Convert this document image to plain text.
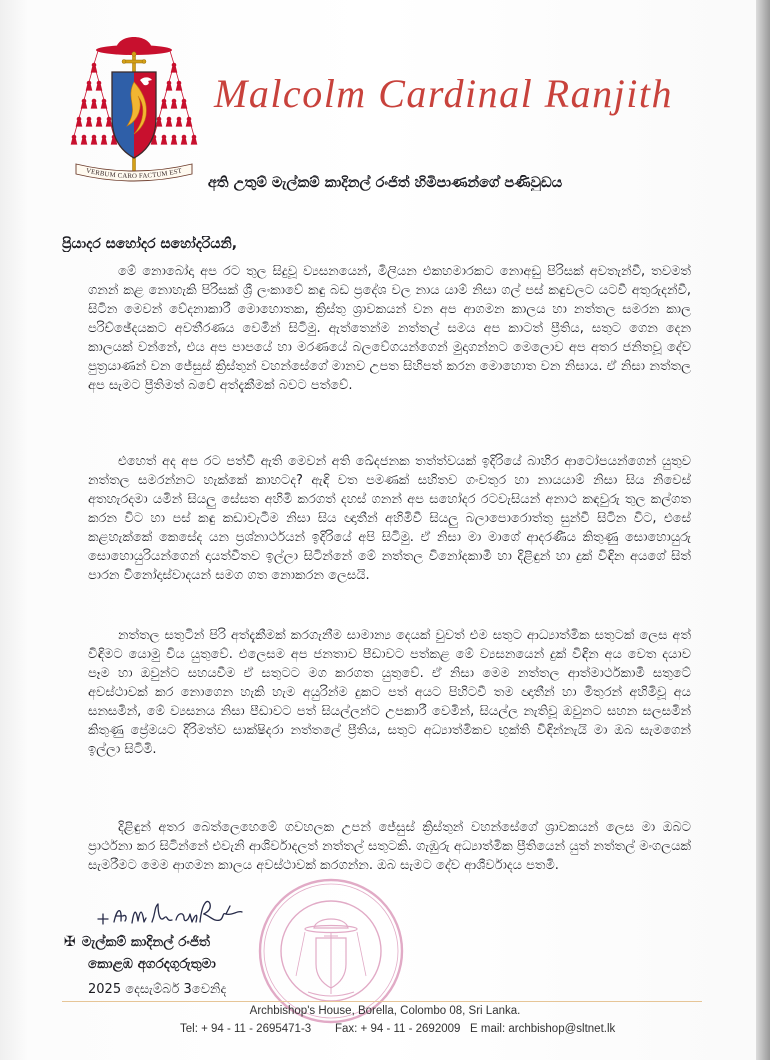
VERBUM CARO FACTUM EST
Malcolm Cardinal Ranjith
අති උතුම් මැල්කම් කාදිනල් රංජිත් හිමිපාණන්ගේ පණිවුඩය
ප්‍රියාදර සහෝදර සහෝදරියනි,
මේ නොබෝදා අප රට තුල සිදුවූ ව්‍යසනයෙන්, මිලියන එකහමාරකට නොඅඩු පිරිසක් අවතැන්වී, තවමත් ගනන් කළ නොහැකි පිරිසක් ශ්‍රී ලංකාවේ කඳු බඩ ප්‍රදේශ වල නාය යාම් නිසා ගල් පස් කඳුවලට යටවී අතුරුදන්වී, සිටින මෙවන් වේදනාකාරී මොහොතක, ක්‍රිස්තු ශ්‍රාවකයන් වන අප ආගමන කාලය හා නත්තල සමරන කාල පරිච්ඡේදයකට අවතීරණය වෙමින් සිටිමු. ඇත්තෙන්ම නත්තල් සමය අප කාටත් ප්‍රීතිය, සතුට ගෙන දෙන කාලයක් වන්නේ, එය අප පාපයේ හා මරණයේ බලවේගයන්ගෙන් මුදාගන්නට මෙලොව අප අතර ජනිතවූ දේව පුත්‍රයාණන් වන ජේසුස් ක්‍රිස්තුන් වහන්සේගේ මානව උපත සිහිපත් කරන මොහොත වන නිසාය. ඒ නිසා නත්තල අප සැමට ප්‍රීතිමත් බවේ අත්දැකීමක් බවට පත්වේ.
එහෙත් අද අප රට පත්වී ඇති මෙවන් අති ඛේදජනක තත්ත්වයක් ඉදිරියේ බාහිර ආටෝපයන්ගෙන් යුතුව නත්තල සමරන්නට හැක්කේ කාහටද? ඇඳි වත පමණක් සහිතව ගංවතුර හා නායයාම් නිසා සිය නිවෙස් අතහැරදමා යමින් සියලු සේසත අහිමි කරගත් දහස් ගනන් අප සහෝදර රටවැසියන් අනාථ කඳවුරු තුල කල්ගත කරන විට හා පස් කඳු කඩාවැටීම නිසා සිය ඥාතීන් අහිමිවී සියලු බලාපොරොත්තු සුන්වී සිටින විට, එසේ කළහැක්කේ කෙසේද යන ප්‍රශ්නාර්ථයන් ඉදිරියේ අපි සිටිමු. ඒ නිසා මා මාගේ ආදරණීය කිතුණු සොහොයුරු සොහොයුරියන්ගෙන් දායත්වීතව ඉල්ලා සිටින්නේ මේ නත්තල විනෝදකාමී හා දිළිඳුන් හා දුක් විඳින අයගේ සිත් පාරන විනෝදාස්වාදයන් සමග ගත නොකරන ලෙසයි.
නත්තල සතුටින් පිරි අත්දැකීමක් කරගැනීම සාමාන්‍ය දෙයක් වුවත් එම සතුට ආධ්‍යාත්මික සතුටක් ලෙස අත් විඳිමට යොමු විය යුතුවේ. එලෙසම අප ජනතාව පීඩාවට පත්කළ මේ ව්‍යසනයෙන් දුක් විඳින අය වෙත දයාව පෑම හා ඔවුන්ට සහයවීම ඒ සතුටට මග කරගත යුතුවේ. ඒ නිසා මෙම නත්තල ආත්මාර්ථකාමී සතුටේ අවස්ථාවක් කර නොගෙන හැකි හැම අයුරින්ම දුකට පත් අයට පිහිටවී තම ඥාතීන් හා මිතුරන් අහිමිවූ අය සනසමින්, මේ ව්‍යසනය නිසා පීඩාවට පත් සියල්ලන්ට උපකාරී වෙමින්, සියල්ල නැතිවූ ඔවුනට සහන සලසමින් කිතුණු ප්‍රේමයට දිරිමත්ව සාක්ෂිදරා නත්තලේ ප්‍රීතිය, සතුට අධ්‍යාත්මිකව භුක්ති විඳින්නැයි මා ඔබ සැමගෙන් ඉල්ලා සිටිමි.
දිළිඳුන් අතර බෙත්ලෙහෙමේ ගවහලක උපන් ජේසුස් ක්‍රිස්තුන් වහන්සේගේ ශ්‍රාවකයන් ලෙස මා ඔබට ප්‍රාර්ථනා කර සිටින්නේ එවැනි ආශිර්වාදලත් නත්තල් සතුටකි. ගැඹුරු අධ්‍යාත්මික ප්‍රීතියෙන් යුත් නත්තල් මංගලයක් සැමරීමට මෙම ආගමන කාලය අවස්ථාවක් කරගන්න. ඔබ සැමට දේව ආශීර්වාදය පතමි.
✠ මැල්කම් කාදිනල් රංජිත්
කොළඹ අගරදගුරුතුමා
2025 දෙසැම්බර් 3වෙනිද
Archbishop's House, Borella, Colombo 08, Sri Lanka.
Tel: + 94 - 11 - 2695471-3 Fax: + 94 - 11 - 2692009 E mail: archbishop@sltnet.lk
